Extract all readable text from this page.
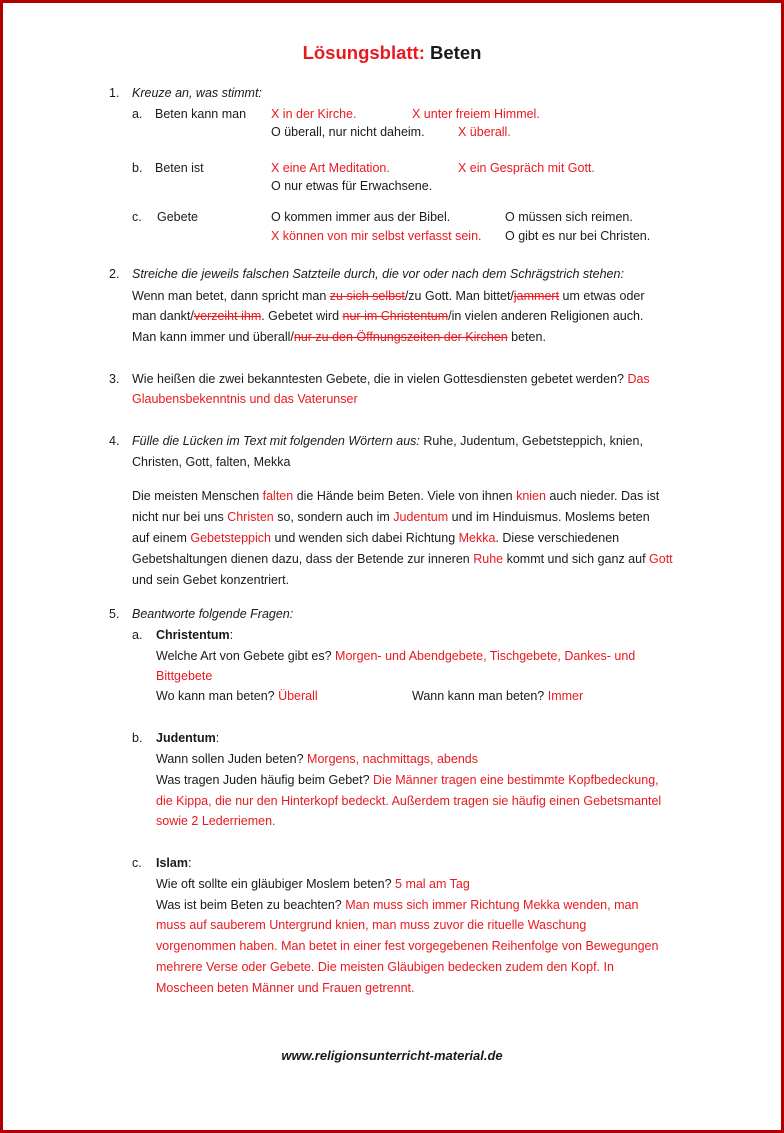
Lösungsblatt: Beten
1. Kreuze an, was stimmt:
a. Beten kann man X in der Kirche.	X unter freiem Himmel.
O überall, nur nicht daheim.	X überall.
b. Beten ist	X eine Art Meditation.	X ein Gespräch mit Gott.
O nur etwas für Erwachsene.
c. Gebete	O kommen immer aus der Bibel.	O müssen sich reimen.
X können von mir selbst verfasst sein. O gibt es nur bei Christen.
2. Streiche die jeweils falschen Satzteile durch, die vor oder nach dem Schrägstrich stehen:
Wenn man betet, dann spricht man zu sich selbst/zu Gott. Man bittet/jammert um etwas oder
man dankt/verzeiht ihm. Gebetet wird nur im Christentum/in vielen anderen Religionen auch.
Man kann immer und überall/nur zu den Öffnungszeiten der Kirchen beten.
3. Wie heißen die zwei bekanntesten Gebete, die in vielen Gottesdiensten gebetet werden? Das
Glaubensbekenntnis und das Vaterunser
4. Fülle die Lücken im Text mit folgenden Wörtern aus: Ruhe, Judentum, Gebetsteppich, knien,
Christen, Gott, falten, Mekka
Die meisten Menschen falten die Hände beim Beten. Viele von ihnen knien auch nieder. Das ist
nicht nur bei uns Christen so, sondern auch im Judentum und im Hinduismus. Moslems beten
auf einem Gebetsteppich und wenden sich dabei Richtung Mekka. Diese verschiedenen
Gebetshaltungen dienen dazu, dass der Betende zur inneren Ruhe kommt und sich ganz auf Gott
und sein Gebet konzentriert.
5. Beantworte folgende Fragen:
a. Christentum:
Welche Art von Gebete gibt es? Morgen- und Abendgebete, Tischgebete, Dankes- und
Bittgebete
Wo kann man beten? Überall	Wann kann man beten? Immer
b. Judentum:
Wann sollen Juden beten? Morgens, nachmittags, abends
Was tragen Juden häufig beim Gebet? Die Männer tragen eine bestimmte Kopfbedeckung,
die Kippa, die nur den Hinterkopf bedeckt. Außerdem tragen sie häufig einen Gebetsmantel
sowie 2 Lederriemen.
c. Islam:
Wie oft sollte ein gläubiger Moslem beten? 5 mal am Tag
Was ist beim Beten zu beachten? Man muss sich immer Richtung Mekka wenden, man
muss auf sauberem Untergrund knien, man muss zuvor die rituelle Waschung
vorgenommen haben. Man betet in einer fest vorgegebenen Reihenfolge von Bewegungen
mehrere Verse oder Gebete. Die meisten Gläubigen bedecken zudem den Kopf. In
Moscheen beten Männer und Frauen getrennt.
www.religionsunterricht-material.de
